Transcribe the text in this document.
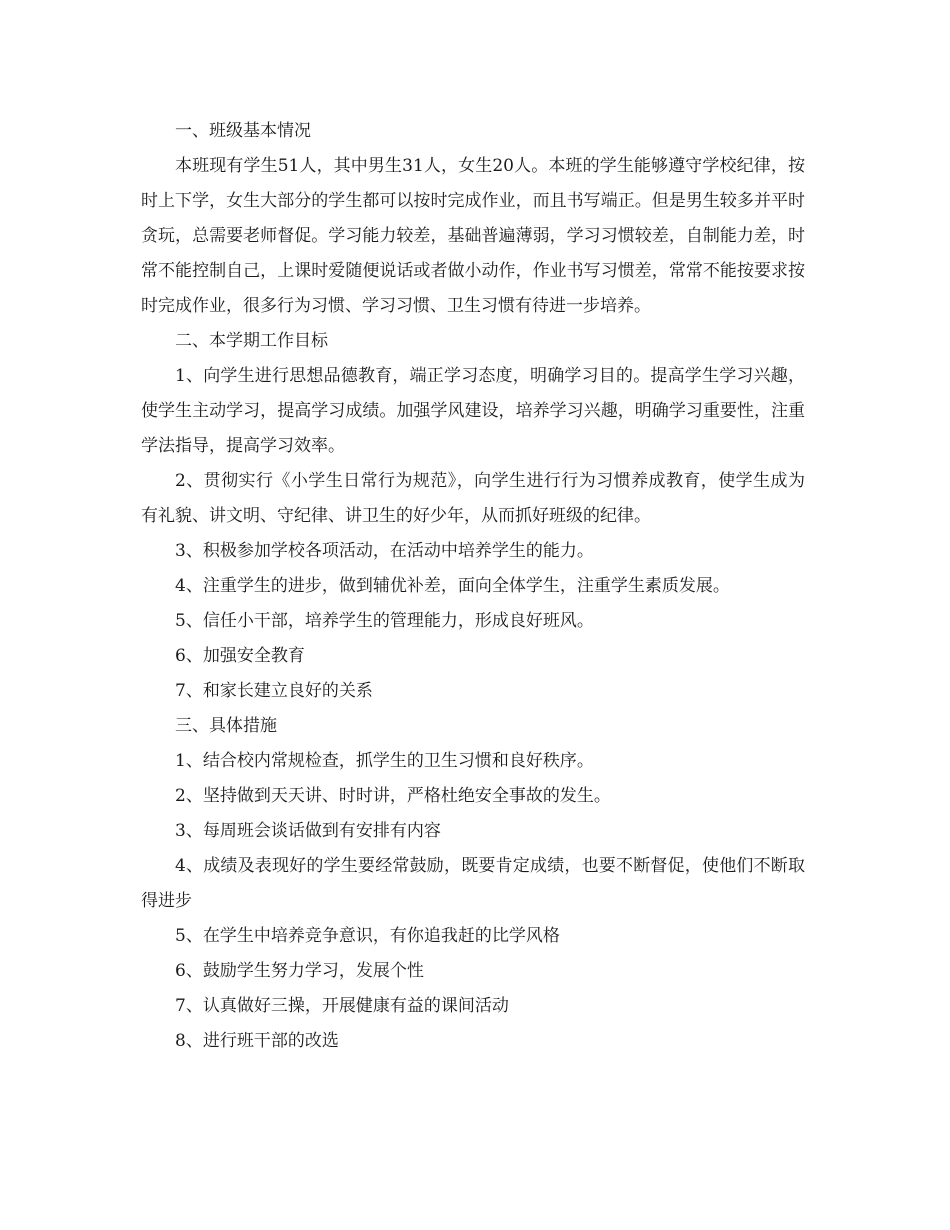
一、班级基本情况

本班现有学生51人，其中男生31人，女生20人。本班的学生能够遵守学校纪律，按时上下学，女生大部分的学生都可以按时完成作业，而且书写端正。但是男生较多并平时贪玩，总需要老师督促。学习能力较差，基础普遍薄弱，学习习惯较差，自制能力差，时常不能控制自己，上课时爱随便说话或者做小动作，作业书写习惯差，常常不能按要求按时完成作业，很多行为习惯、学习习惯、卫生习惯有待进一步培养。

二、本学期工作目标

1、向学生进行思想品德教育，端正学习态度，明确学习目的。提高学生学习兴趣，使学生主动学习，提高学习成绩。加强学风建设，培养学习兴趣，明确学习重要性，注重学法指导，提高学习效率。

2、贯彻实行《小学生日常行为规范》，向学生进行行为习惯养成教育，使学生成为有礼貌、讲文明、守纪律、讲卫生的好少年，从而抓好班级的纪律。

3、积极参加学校各项活动，在活动中培养学生的能力。

4、注重学生的进步，做到辅优补差，面向全体学生，注重学生素质发展。

5、信任小干部，培养学生的管理能力，形成良好班风。

6、加强安全教育

7、和家长建立良好的关系

三、具体措施

1、结合校内常规检查，抓学生的卫生习惯和良好秩序。

2、坚持做到天天讲、时时讲，严格杜绝安全事故的发生。

3、每周班会谈话做到有安排有内容

4、成绩及表现好的学生要经常鼓励，既要肯定成绩，也要不断督促，使他们不断取得进步

5、在学生中培养竞争意识，有你追我赶的比学风格

6、鼓励学生努力学习，发展个性

7、认真做好三操，开展健康有益的课间活动

8、进行班干部的改选
